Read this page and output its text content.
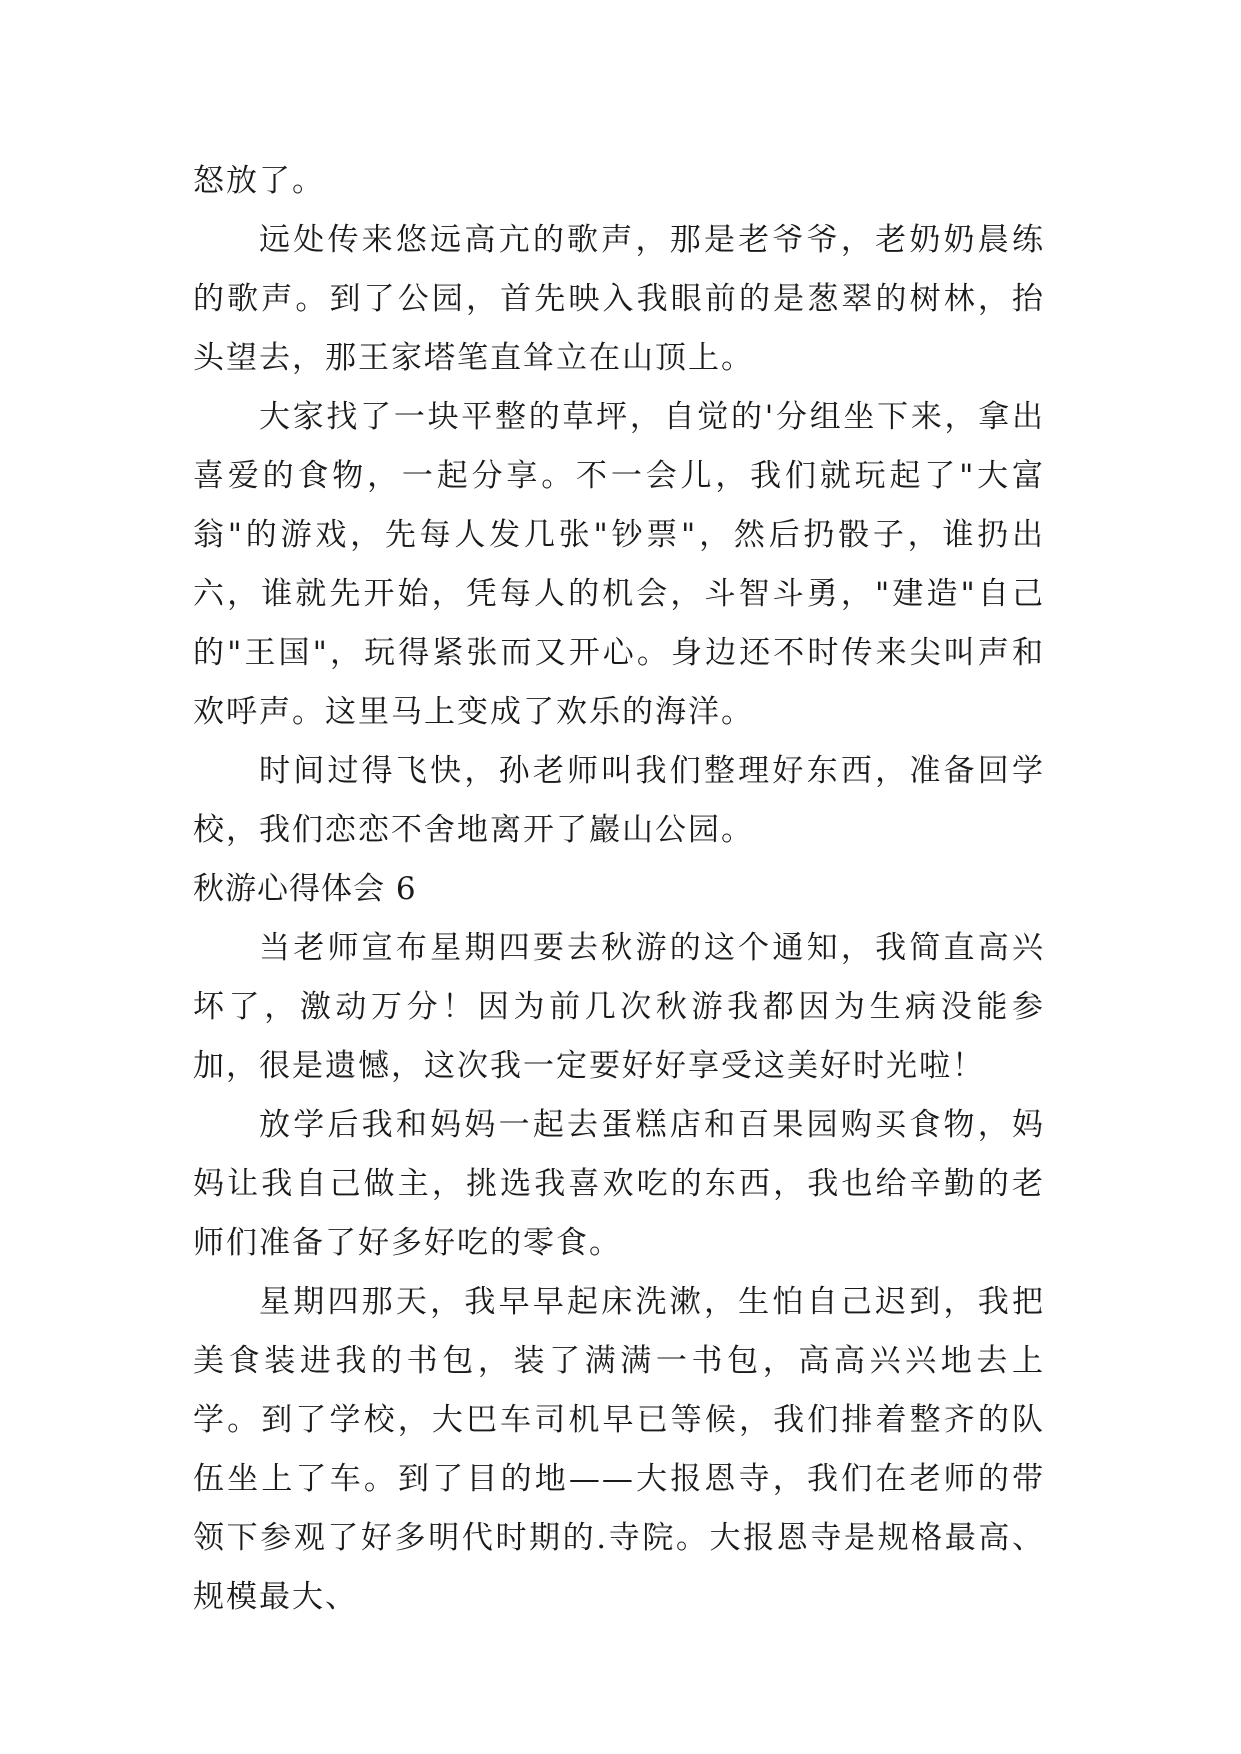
怒放了。

远处传来悠远高亢的歌声，那是老爷爷，老奶奶晨练的歌声。到了公园，首先映入我眼前的是葱翠的树林，抬头望去，那王家塔笔直耸立在山顶上。

大家找了一块平整的草坪，自觉的'分组坐下来，拿出喜爱的食物，一起分享。不一会儿，我们就玩起了"大富翁"的游戏，先每人发几张"钞票"，然后扔骰子，谁扔出六，谁就先开始，凭每人的机会，斗智斗勇，"建造"自己的"王国"，玩得紧张而又开心。身边还不时传来尖叫声和欢呼声。这里马上变成了欢乐的海洋。

时间过得飞快，孙老师叫我们整理好东西，准备回学校，我们恋恋不舍地离开了巖山公园。

秋游心得体会 6

当老师宣布星期四要去秋游的这个通知，我简直高兴坏了，激动万分！因为前几次秋游我都因为生病没能参加，很是遗憾，这次我一定要好好享受这美好时光啦！

放学后我和妈妈一起去蛋糕店和百果园购买食物，妈妈让我自己做主，挑选我喜欢吃的东西，我也给辛勤的老师们准备了好多好吃的零食。

星期四那天，我早早起床洗漱，生怕自己迟到，我把美食装进我的书包，装了满满一书包，高高兴兴地去上学。到了学校，大巴车司机早已等候，我们排着整齐的队伍坐上了车。到了目的地——大报恩寺，我们在老师的带领下参观了好多明代时期的.寺院。大报恩寺是规格最高、规模最大、
